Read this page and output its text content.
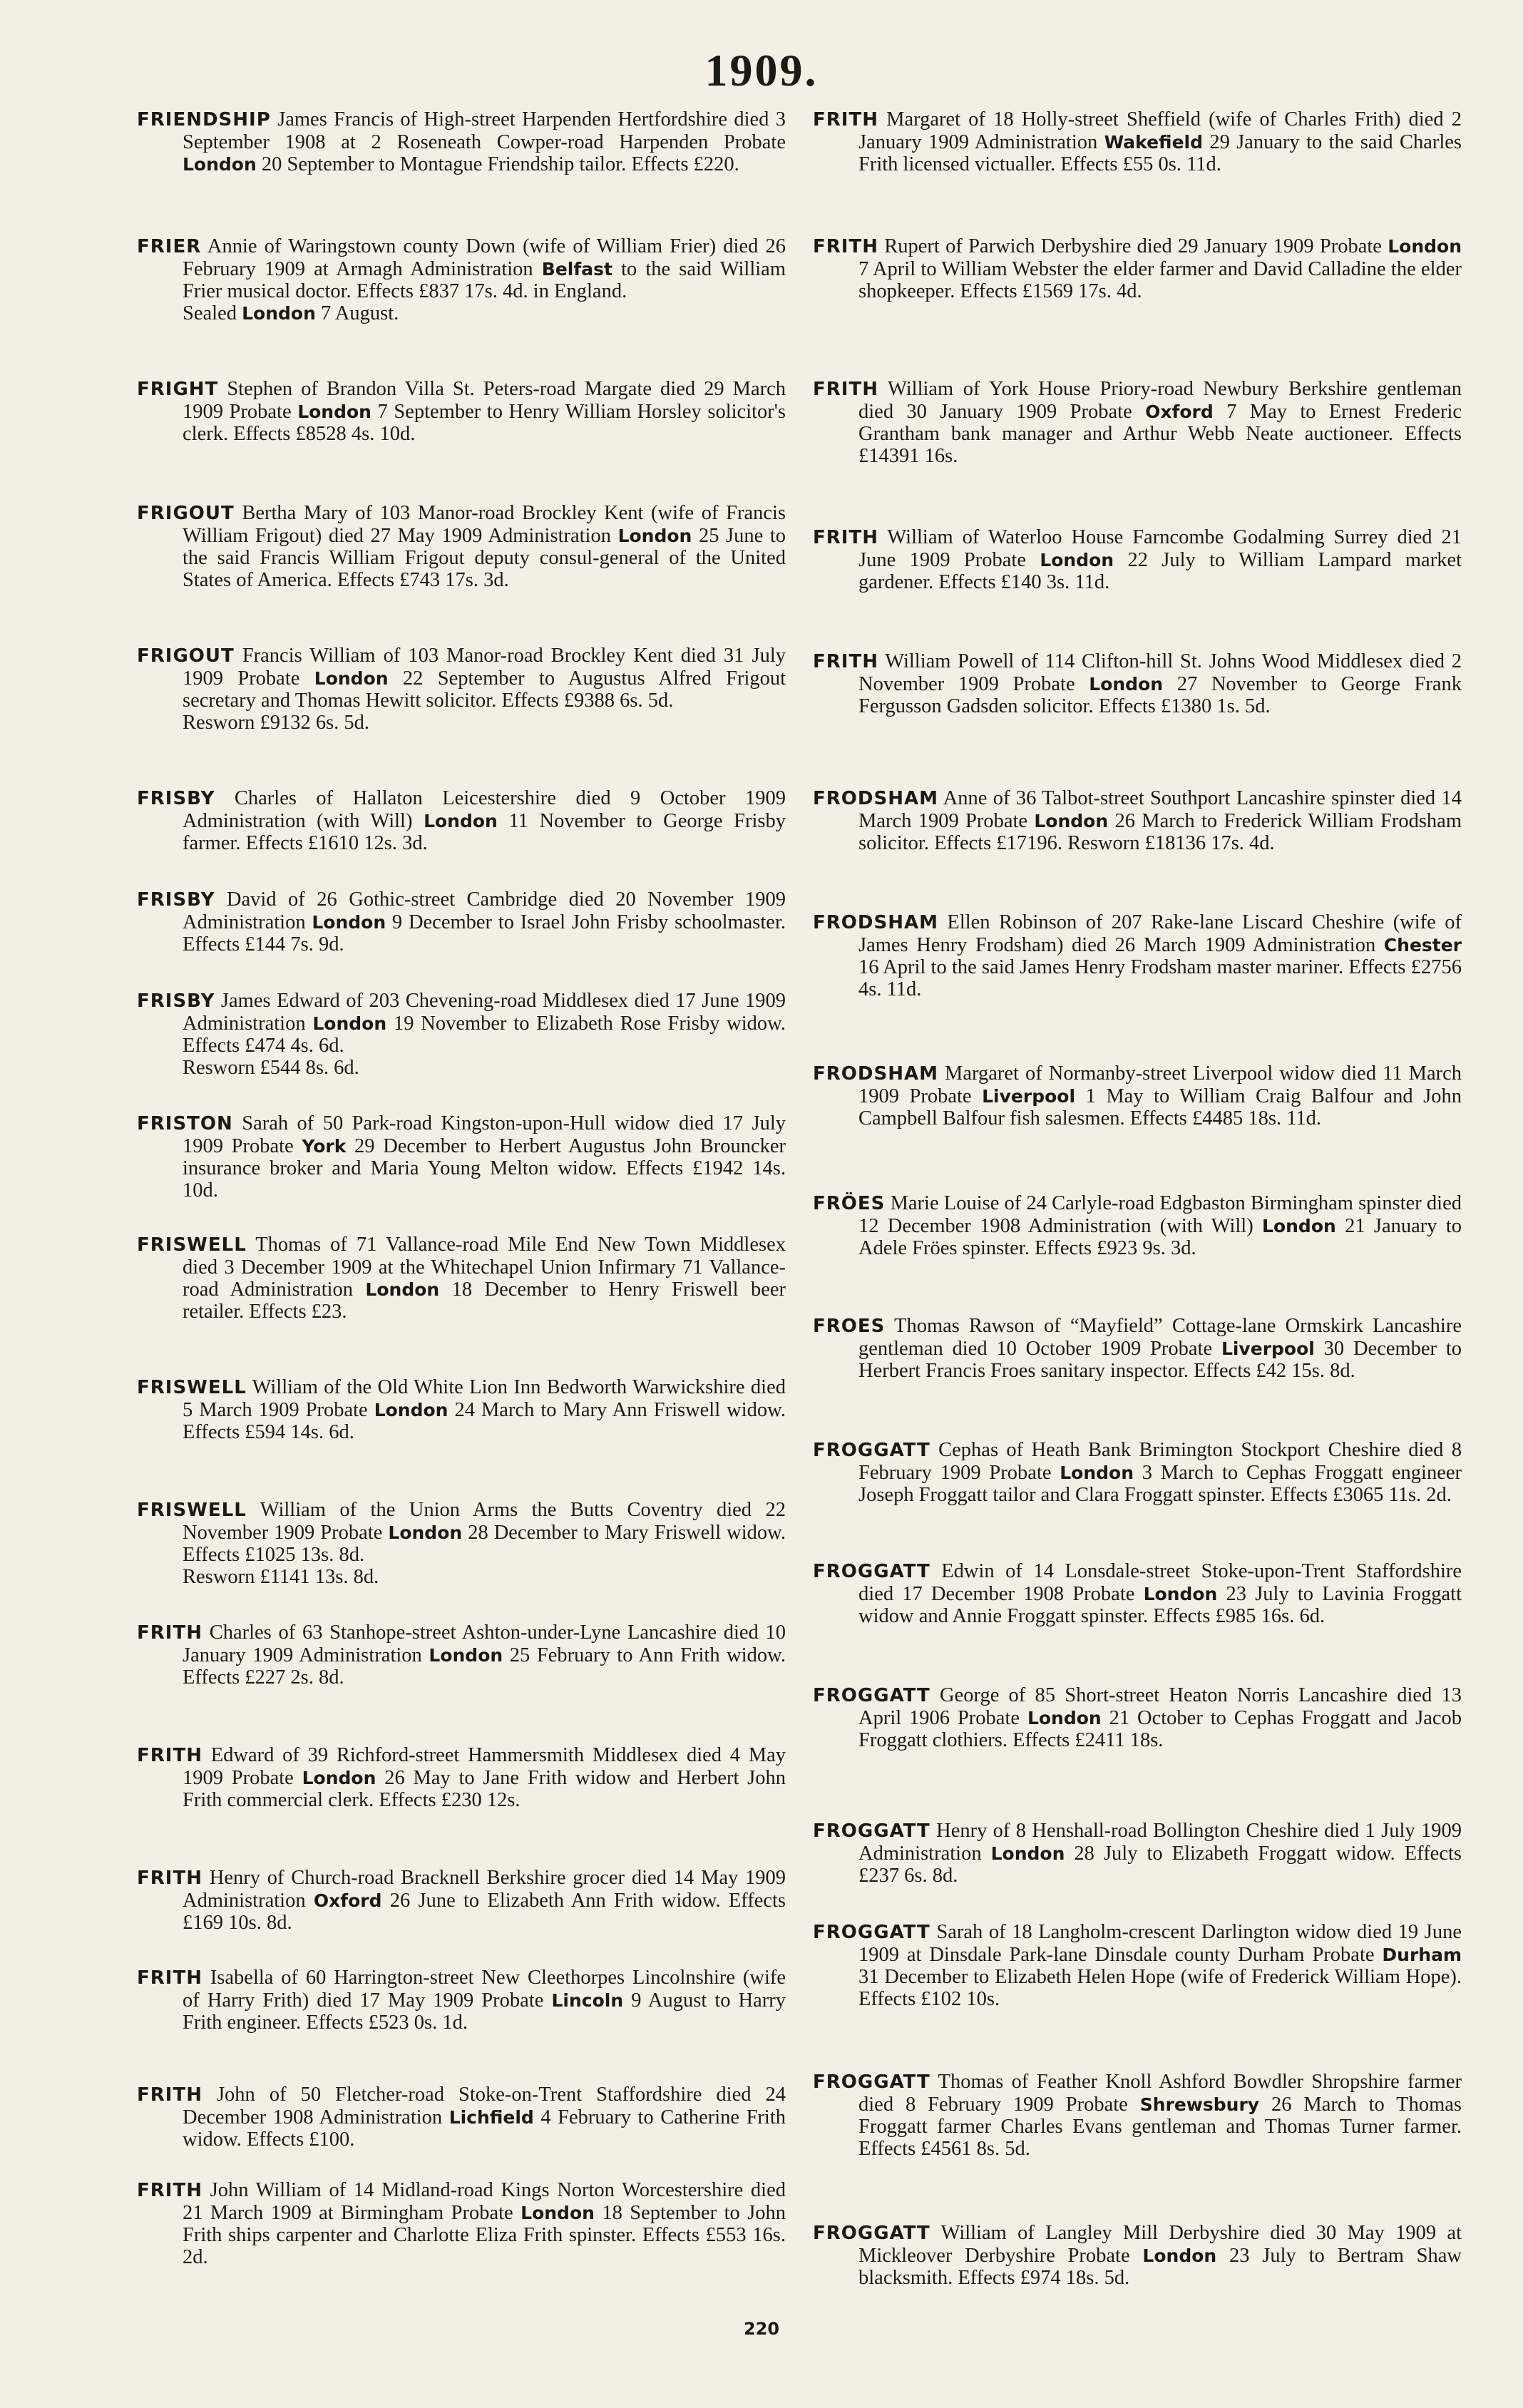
1909.

FRIENDSHIP James Francis of High-street Harpenden Hertfordshire died 3 September 1908 at 2 Roseneath Cowper-road Harpenden Probate London 20 September to Montague Friendship tailor. Effects £220.

FRIER Annie of Waringstown county Down (wife of William Frier) died 26 February 1909 at Armagh Administration Belfast to the said William Frier musical doctor. Effects £837 17s. 4d. in England.

Sealed London 7 August.

FRIGHT Stephen of Brandon Villa St. Peters-road Margate died 29 March 1909 Probate London 7 September to Henry William Horsley solicitor's clerk. Effects £8528 4s. 10d.

FRIGOUT Bertha Mary of 103 Manor-road Brockley Kent (wife of Francis William Frigout) died 27 May 1909 Administration London 25 June to the said Francis William Frigout deputy consul-general of the United States of America. Effects £743 17s. 3d.

FRIGOUT Francis William of 103 Manor-road Brockley Kent died 31 July 1909 Probate London 22 September to Augustus Alfred Frigout secretary and Thomas Hewitt solicitor. Effects £9388 6s. 5d.

Resworn £9132 6s. 5d.

FRISBY Charles of Hallaton Leicestershire died 9 October 1909 Administration (with Will) London 11 November to George Frisby farmer. Effects £1610 12s. 3d.

FRISBY David of 26 Gothic-street Cambridge died 20 November 1909 Administration London 9 December to Israel John Frisby schoolmaster. Effects £144 7s. 9d.

FRISBY James Edward of 203 Chevening-road Middlesex died 17 June 1909 Administration London 19 November to Elizabeth Rose Frisby widow. Effects £474 4s. 6d.

Resworn £544 8s. 6d.

FRISTON Sarah of 50 Park-road Kingston-upon-Hull widow died 17 July 1909 Probate York 29 December to Herbert Augustus John Brouncker insurance broker and Maria Young Melton widow. Effects £1942 14s. 10d.

FRISWELL Thomas of 71 Vallance-road Mile End New Town Middlesex died 3 December 1909 at the Whitechapel Union Infirmary 71 Vallance-road Administration London 18 December to Henry Friswell beer retailer. Effects £23.

FRISWELL William of the Old White Lion Inn Bedworth Warwickshire died 5 March 1909 Probate London 24 March to Mary Ann Friswell widow. Effects £594 14s. 6d.

FRISWELL William of the Union Arms the Butts Coventry died 22 November 1909 Probate London 28 December to Mary Friswell widow. Effects £1025 13s. 8d.

Resworn £1141 13s. 8d.

FRITH Charles of 63 Stanhope-street Ashton-under-Lyne Lancashire died 10 January 1909 Administration London 25 February to Ann Frith widow. Effects £227 2s. 8d.

FRITH Edward of 39 Richford-street Hammersmith Middlesex died 4 May 1909 Probate London 26 May to Jane Frith widow and Herbert John Frith commercial clerk. Effects £230 12s.

FRITH Henry of Church-road Bracknell Berkshire grocer died 14 May 1909 Administration Oxford 26 June to Elizabeth Ann Frith widow. Effects £169 10s. 8d.

FRITH Isabella of 60 Harrington-street New Cleethorpes Lincolnshire (wife of Harry Frith) died 17 May 1909 Probate Lincoln 9 August to Harry Frith engineer. Effects £523 0s. 1d.

FRITH John of 50 Fletcher-road Stoke-on-Trent Staffordshire died 24 December 1908 Administration Lichfield 4 February to Catherine Frith widow. Effects £100.

FRITH John William of 14 Midland-road Kings Norton Worcestershire died 21 March 1909 at Birmingham Probate London 18 September to John Frith ships carpenter and Charlotte Eliza Frith spinster. Effects £553 16s. 2d.

FRITH Margaret of 18 Holly-street Sheffield (wife of Charles Frith) died 2 January 1909 Administration Wakefield 29 January to the said Charles Frith licensed victualler. Effects £55 0s. 11d.

FRITH Rupert of Parwich Derbyshire died 29 January 1909 Probate London 7 April to William Webster the elder farmer and David Calladine the elder shopkeeper. Effects £1569 17s. 4d.

FRITH William of York House Priory-road Newbury Berkshire gentleman died 30 January 1909 Probate Oxford 7 May to Ernest Frederic Grantham bank manager and Arthur Webb Neate auctioneer. Effects £14391 16s.

FRITH William of Waterloo House Farncombe Godalming Surrey died 21 June 1909 Probate London 22 July to William Lampard market gardener. Effects £140 3s. 11d.

FRITH William Powell of 114 Clifton-hill St. Johns Wood Middlesex died 2 November 1909 Probate London 27 November to George Frank Fergusson Gadsden solicitor. Effects £1380 1s. 5d.

FRODSHAM Anne of 36 Talbot-street Southport Lancashire spinster died 14 March 1909 Probate London 26 March to Frederick William Frodsham solicitor. Effects £17196. Resworn £18136 17s. 4d.

FRODSHAM Ellen Robinson of 207 Rake-lane Liscard Cheshire (wife of James Henry Frodsham) died 26 March 1909 Administration Chester 16 April to the said James Henry Frodsham master mariner. Effects £2756 4s. 11d.

FRODSHAM Margaret of Normanby-street Liverpool widow died 11 March 1909 Probate Liverpool 1 May to William Craig Balfour and John Campbell Balfour fish salesmen. Effects £4485 18s. 11d.

FRÖES Marie Louise of 24 Carlyle-road Edgbaston Birmingham spinster died 12 December 1908 Administration (with Will) London 21 January to Adele Fröes spinster. Effects £923 9s. 3d.

FROES Thomas Rawson of “Mayfield” Cottage-lane Ormskirk Lancashire gentleman died 10 October 1909 Probate Liverpool 30 December to Herbert Francis Froes sanitary inspector. Effects £42 15s. 8d.

FROGGATT Cephas of Heath Bank Brimington Stockport Cheshire died 8 February 1909 Probate London 3 March to Cephas Froggatt engineer Joseph Froggatt tailor and Clara Froggatt spinster. Effects £3065 11s. 2d.

FROGGATT Edwin of 14 Lonsdale-street Stoke-upon-Trent Staffordshire died 17 December 1908 Probate London 23 July to Lavinia Froggatt widow and Annie Froggatt spinster. Effects £985 16s. 6d.

FROGGATT George of 85 Short-street Heaton Norris Lancashire died 13 April 1906 Probate London 21 October to Cephas Froggatt and Jacob Froggatt clothiers. Effects £2411 18s.

FROGGATT Henry of 8 Henshall-road Bollington Cheshire died 1 July 1909 Administration London 28 July to Elizabeth Froggatt widow. Effects £237 6s. 8d.

FROGGATT Sarah of 18 Langholm-crescent Darlington widow died 19 June 1909 at Dinsdale Park-lane Dinsdale county Durham Probate Durham 31 December to Elizabeth Helen Hope (wife of Frederick William Hope). Effects £102 10s.

FROGGATT Thomas of Feather Knoll Ashford Bowdler Shropshire farmer died 8 February 1909 Probate Shrewsbury 26 March to Thomas Froggatt farmer Charles Evans gentleman and Thomas Turner farmer. Effects £4561 8s. 5d.

FROGGATT William of Langley Mill Derbyshire died 30 May 1909 at Mickleover Derbyshire Probate London 23 July to Bertram Shaw blacksmith. Effects £974 18s. 5d.

220
